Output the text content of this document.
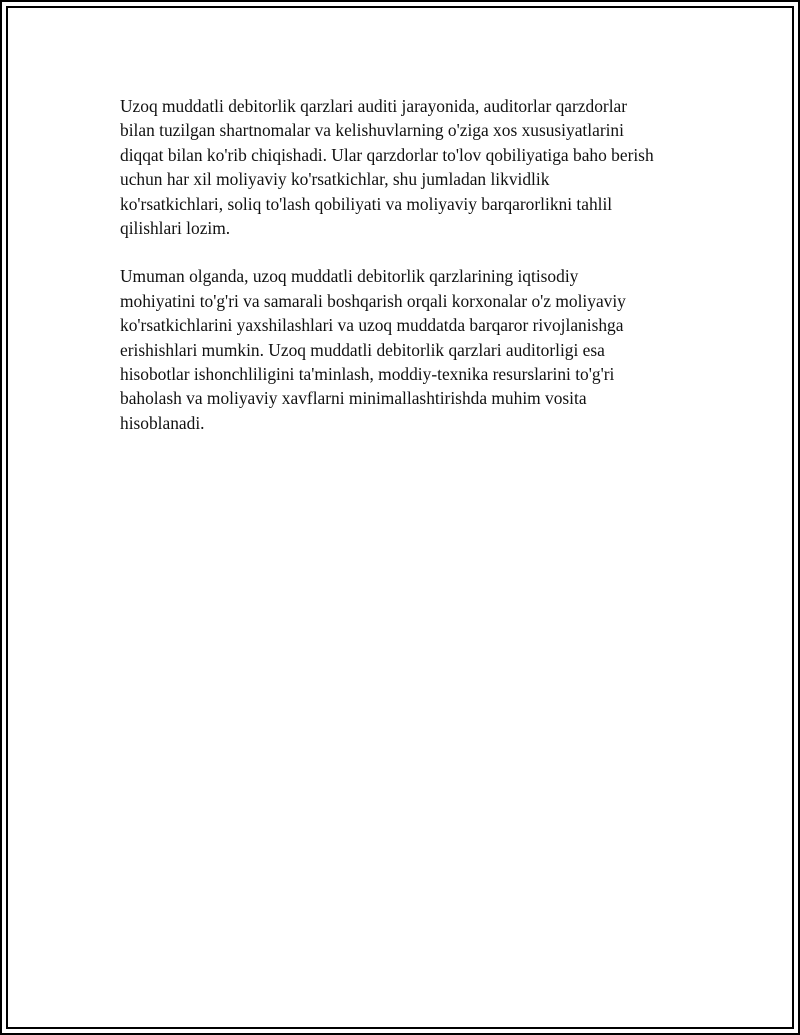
Uzoq muddatli debitorlik qarzlari auditi jarayonida, auditorlar qarzdorlar
bilan tuzilgan shartnomalar va kelishuvlarning o'ziga xos xususiyatlarini
diqqat bilan ko'rib chiqishadi. Ular qarzdorlar to'lov qobiliyatiga baho berish
uchun har xil moliyaviy ko'rsatkichlar, shu jumladan likvidlik
ko'rsatkichlari, soliq to'lash qobiliyati va moliyaviy barqarorlikni tahlil
qilishlari lozim.

Umuman olganda, uzoq muddatli debitorlik qarzlarining iqtisodiy
mohiyatini to'g'ri va samarali boshqarish orqali korxonalar o'z moliyaviy
ko'rsatkichlarini yaxshilashlari va uzoq muddatda barqaror rivojlanishga
erishishlari mumkin. Uzoq muddatli debitorlik qarzlari auditorligi esa
hisobotlar ishonchliligini ta'minlash, moddiy-texnika resurslarini to'g'ri
baholash va moliyaviy xavflarni minimallashtirishda muhim vosita
hisoblanadi.
